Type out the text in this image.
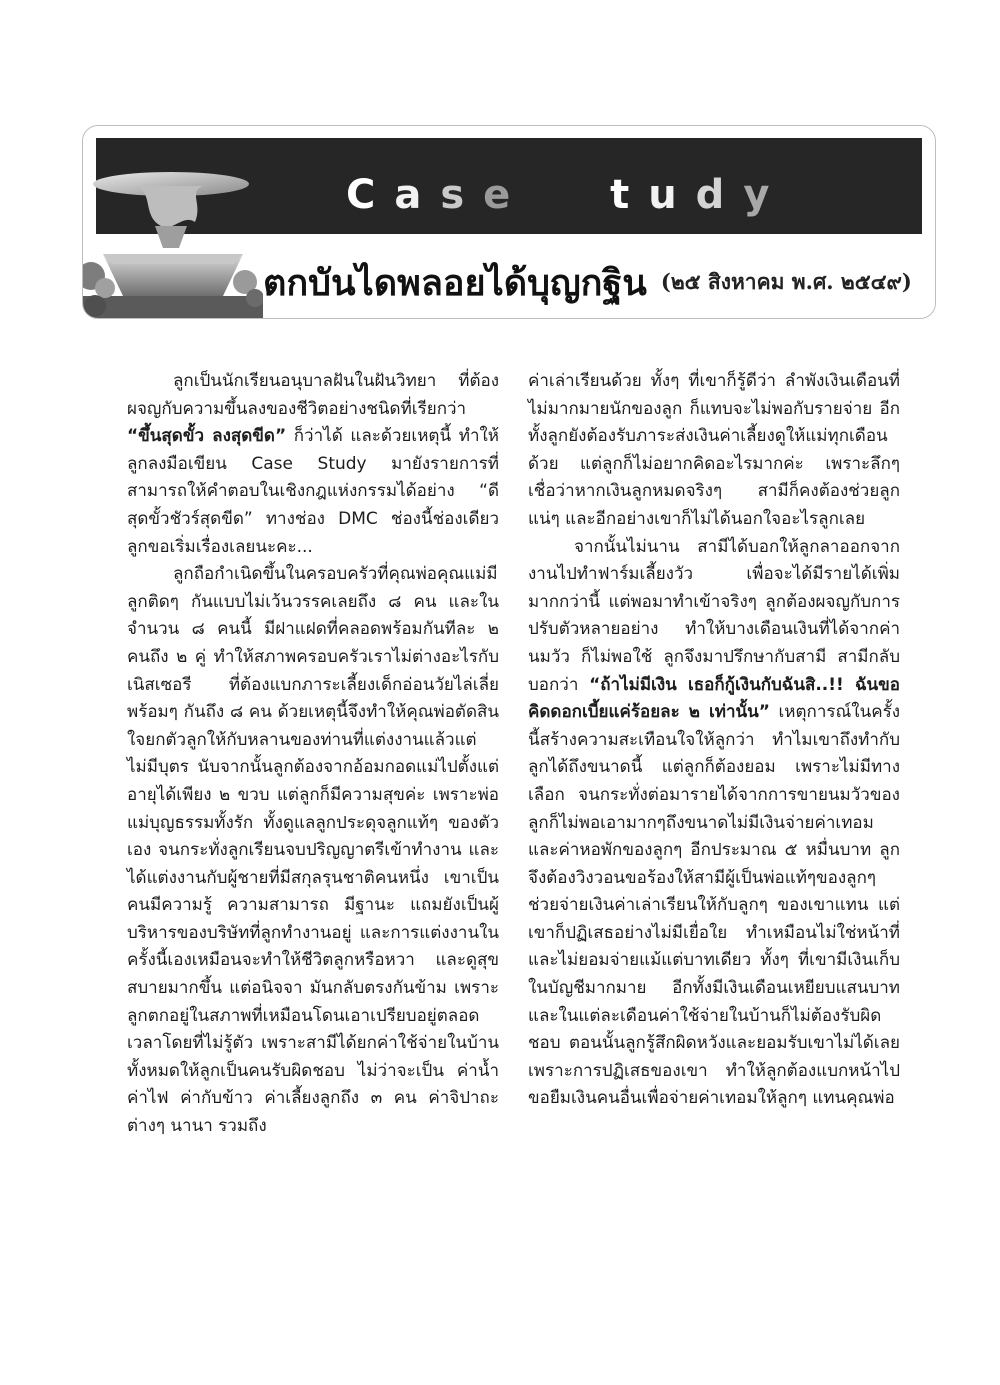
Case Study
ตกบันไดพลอยได้บุญกฐิน (๒๕ สิงหาคม พ.ศ. ๒๕๔๙)

ลูกเป็นนักเรียนอนุบาลฝันในฝันวิทยา ที่ต้องผจญกับความขึ้นลงของชีวิตอย่างชนิดที่เรียกว่า “ขึ้นสุดขั้ว ลงสุดขีด” ก็ว่าได้ และด้วยเหตุนี้ ทำให้ลูกลงมือเขียน Case Study มายังรายการที่สามารถให้คำตอบในเชิงกฎแห่งกรรมได้อย่าง “ดีสุดขั้วชัวร์สุดขีด” ทางช่อง DMC ช่องนี้ช่องเดียว ลูกขอเริ่มเรื่องเลยนะคะ...

ลูกถือกำเนิดขึ้นในครอบครัวที่คุณพ่อคุณแม่มีลูกติดๆ กันแบบไม่เว้นวรรคเลยถึง ๘ คน และในจำนวน ๘ คนนี้ มีฝาแฝดที่คลอดพร้อมกันทีละ ๒ คนถึง ๒ คู่ ทำให้สภาพครอบครัวเราไม่ต่างอะไรกับเนิสเซอรี ที่ต้องแบกภาระเลี้ยงเด็กอ่อนวัยไล่เลี่ยพร้อมๆ กันถึง ๘ คน ด้วยเหตุนี้จึงทำให้คุณพ่อตัดสินใจยกตัวลูกให้กับหลานของท่านที่แต่งงานแล้วแต่ไม่มีบุตร นับจากนั้นลูกต้องจากอ้อมกอดแม่ไปตั้งแต่อายุได้เพียง ๒ ขวบ แต่ลูกก็มีความสุขค่ะ เพราะพ่อแม่บุญธรรมทั้งรัก ทั้งดูแลลูกประดุจลูกแท้ๆ ของตัวเอง จนกระทั่งลูกเรียนจบปริญญาตรีเข้าทำงาน และได้แต่งงานกับผู้ชายที่มีสกุลรุนชาติคนหนึ่ง เขาเป็นคนมีความรู้ ความสามารถ มีฐานะ แถมยังเป็นผู้บริหารของบริษัทที่ลูกทำงานอยู่ และการแต่งงานในครั้งนี้เองเหมือนจะทำให้ชีวิตลูกหรือหวา และดูสุขสบายมากขึ้น แต่อนิจจา มันกลับตรงกันข้าม เพราะลูกตกอยู่ในสภาพที่เหมือนโดนเอาเปรียบอยู่ตลอดเวลาโดยที่ไม่รู้ตัว เพราะสามีได้ยกค่าใช้จ่ายในบ้านทั้งหมดให้ลูกเป็นคนรับผิดชอบ ไม่ว่าจะเป็น ค่าน้ำ ค่าไฟ ค่ากับข้าว ค่าเลี้ยงลูกถึง ๓ คน ค่าจิปาถะต่างๆ นานา รวมถึง

ค่าเล่าเรียนด้วย ทั้งๆ ที่เขาก็รู้ดีว่า ลำพังเงินเดือนที่ไม่มากมายนักของลูก ก็แทบจะไม่พอกับรายจ่าย อีกทั้งลูกยังต้องรับภาระส่งเงินค่าเลี้ยงดูให้แม่ทุกเดือนด้วย แต่ลูกก็ไม่อยากคิดอะไรมากค่ะ เพราะลึกๆ เชื่อว่าหากเงินลูกหมดจริงๆ สามีก็คงต้องช่วยลูกแน่ๆ และอีกอย่างเขาก็ไม่ได้นอกใจอะไรลูกเลย

จากนั้นไม่นาน สามีได้บอกให้ลูกลาออกจากงานไปทำฟาร์มเลี้ยงวัว เพื่อจะได้มีรายได้เพิ่มมากกว่านี้ แต่พอมาทำเข้าจริงๆ ลูกต้องผจญกับการปรับตัวหลายอย่าง ทำให้บางเดือนเงินที่ได้จากค่านมวัว ก็ไม่พอใช้ ลูกจึงมาปรึกษากับสามี สามีกลับบอกว่า “ถ้าไม่มีเงิน เธอก็กู้เงินกับฉันสิ..!! ฉันขอคิดดอกเบี้ยแค่ร้อยละ ๒ เท่านั้น” เหตุการณ์ในครั้งนี้สร้างความสะเทือนใจให้ลูกว่า ทำไมเขาถึงทำกับลูกได้ถึงขนาดนี้ แต่ลูกก็ต้องยอม เพราะไม่มีทางเลือก จนกระทั่งต่อมารายได้จากการขายนมวัวของลูกก็ไม่พอเอามากๆถึงขนาดไม่มีเงินจ่ายค่าเทอม และค่าหอพักของลูกๆ อีกประมาณ ๕ หมื่นบาท ลูกจึงต้องวิงวอนขอร้องให้สามีผู้เป็นพ่อแท้ๆของลูกๆ ช่วยจ่ายเงินค่าเล่าเรียนให้กับลูกๆ ของเขาแทน แต่เขาก็ปฏิเสธอย่างไม่มีเยื่อใย ทำเหมือนไม่ใช่หน้าที่ และไม่ยอมจ่ายแม้แต่บาทเดียว ทั้งๆ ที่เขามีเงินเก็บในบัญชีมากมาย อีกทั้งมีเงินเดือนเหยียบแสนบาท และในแต่ละเดือนค่าใช้จ่ายในบ้านก็ไม่ต้องรับผิดชอบ ตอนนั้นลูกรู้สึกผิดหวังและยอมรับเขาไม่ได้เลย เพราะการปฏิเสธของเขา ทำให้ลูกต้องแบกหน้าไปขอยืมเงินคนอื่นเพื่อจ่ายค่าเทอมให้ลูกๆ แทนคุณพ่อ
